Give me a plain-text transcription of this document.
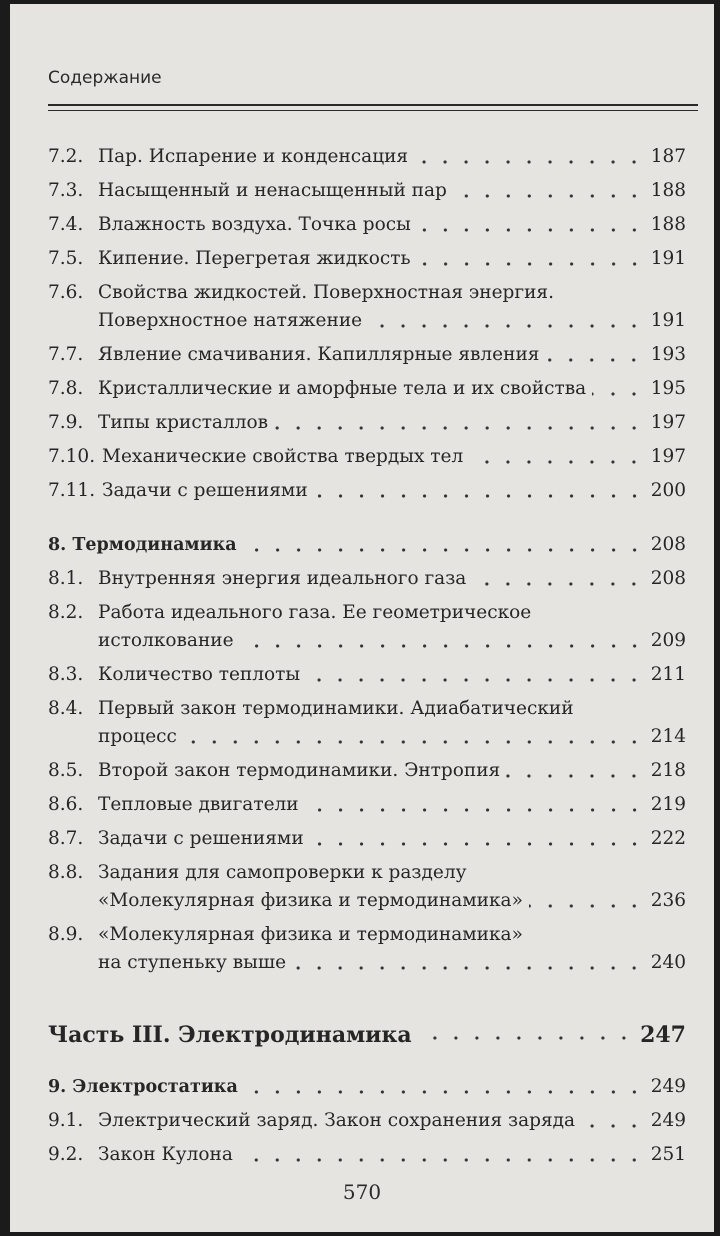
Содержание
7.2. Пар. Испарение и конденсация	187
7.3. Насыщенный и ненасыщенный пар	188
7.4. Влажность воздуха. Точка росы	188
7.5. Кипение. Перегретая жидкость	191
7.6. Свойства жидкостей. Поверхностная энергия.
Поверхностное натяжение	191
7.7. Явление смачивания. Капиллярные явления	193
7.8. Кристаллические и аморфные тела и их свойства	195
7.9. Типы кристаллов	197
7.10. Механические свойства твердых тел	197
7.11. Задачи с решениями	200
8. Термодинамика	208
8.1. Внутренняя энергия идеального газа	208
8.2. Работа идеального газа. Ее геометрическое
истолкование	209
8.3. Количество теплоты	211
8.4. Первый закон термодинамики. Адиабатический
процесс	214
8.5. Второй закон термодинамики. Энтропия	218
8.6. Тепловые двигатели	219
8.7. Задачи с решениями	222
8.8. Задания для самопроверки к разделу
«Молекулярная физика и термодинамика»	236
8.9. «Молекулярная физика и термодинамика»
на ступеньку выше	240
Часть III. Электродинамика	247
9. Электростатика	249
9.1. Электрический заряд. Закон сохранения заряда	249
9.2. Закон Кулона	251
570
